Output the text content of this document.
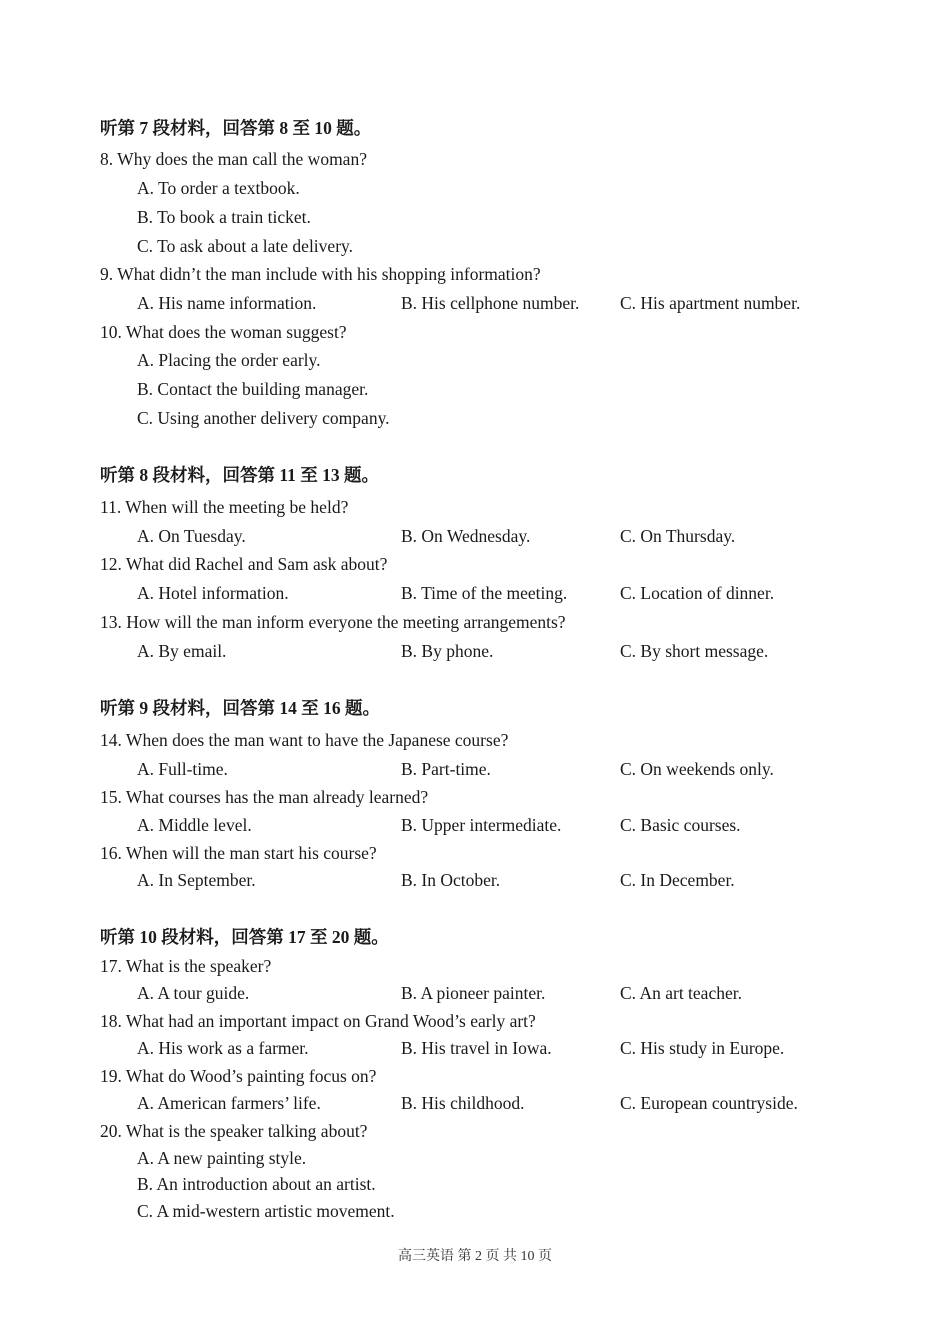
听第 7 段材料，回答第 8 至 10 题。
8. Why does the man call the woman?
A. To order a textbook.
B. To book a train ticket.
C. To ask about a late delivery.
9. What didn’t the man include with his shopping information?
A. His name information.	B. His cellphone number. C. His apartment number.
10. What does the woman suggest?
A. Placing the order early.
B. Contact the building manager.
C. Using another delivery company.
听第 8 段材料，回答第 11 至 13 题。
11. When will the meeting be held?
A. On Tuesday.	B. On Wednesday.	C. On Thursday.
12. What did Rachel and Sam ask about?
A. Hotel information.	B. Time of the meeting.	C. Location of dinner.
13. How will the man inform everyone the meeting arrangements?
A. By email.	B. By phone.	C. By short message.
听第 9 段材料，回答第 14 至 16 题。
14. When does the man want to have the Japanese course?
A. Full-time.	B. Part-time.	C. On weekends only.
15. What courses has the man already learned?
A. Middle level.	B. Upper intermediate.	C. Basic courses.
16. When will the man start his course?
A. In September.	B. In October.	C. In December.
听第 10 段材料，回答第 17 至 20 题。
17. What is the speaker?
A. A tour guide.	B. A pioneer painter.	C. An art teacher.
18. What had an important impact on Grand Wood’s early art?
A. His work as a farmer.	B. His travel in Iowa.	C. His study in Europe.
19. What do Wood’s painting focus on?
A. American farmers’ life.	B. His childhood.	C. European countryside.
20. What is the speaker talking about?
A. A new painting style.
B. An introduction about an artist.
C. A mid-western artistic movement.
高三英语 第 2 页 共 10 页
